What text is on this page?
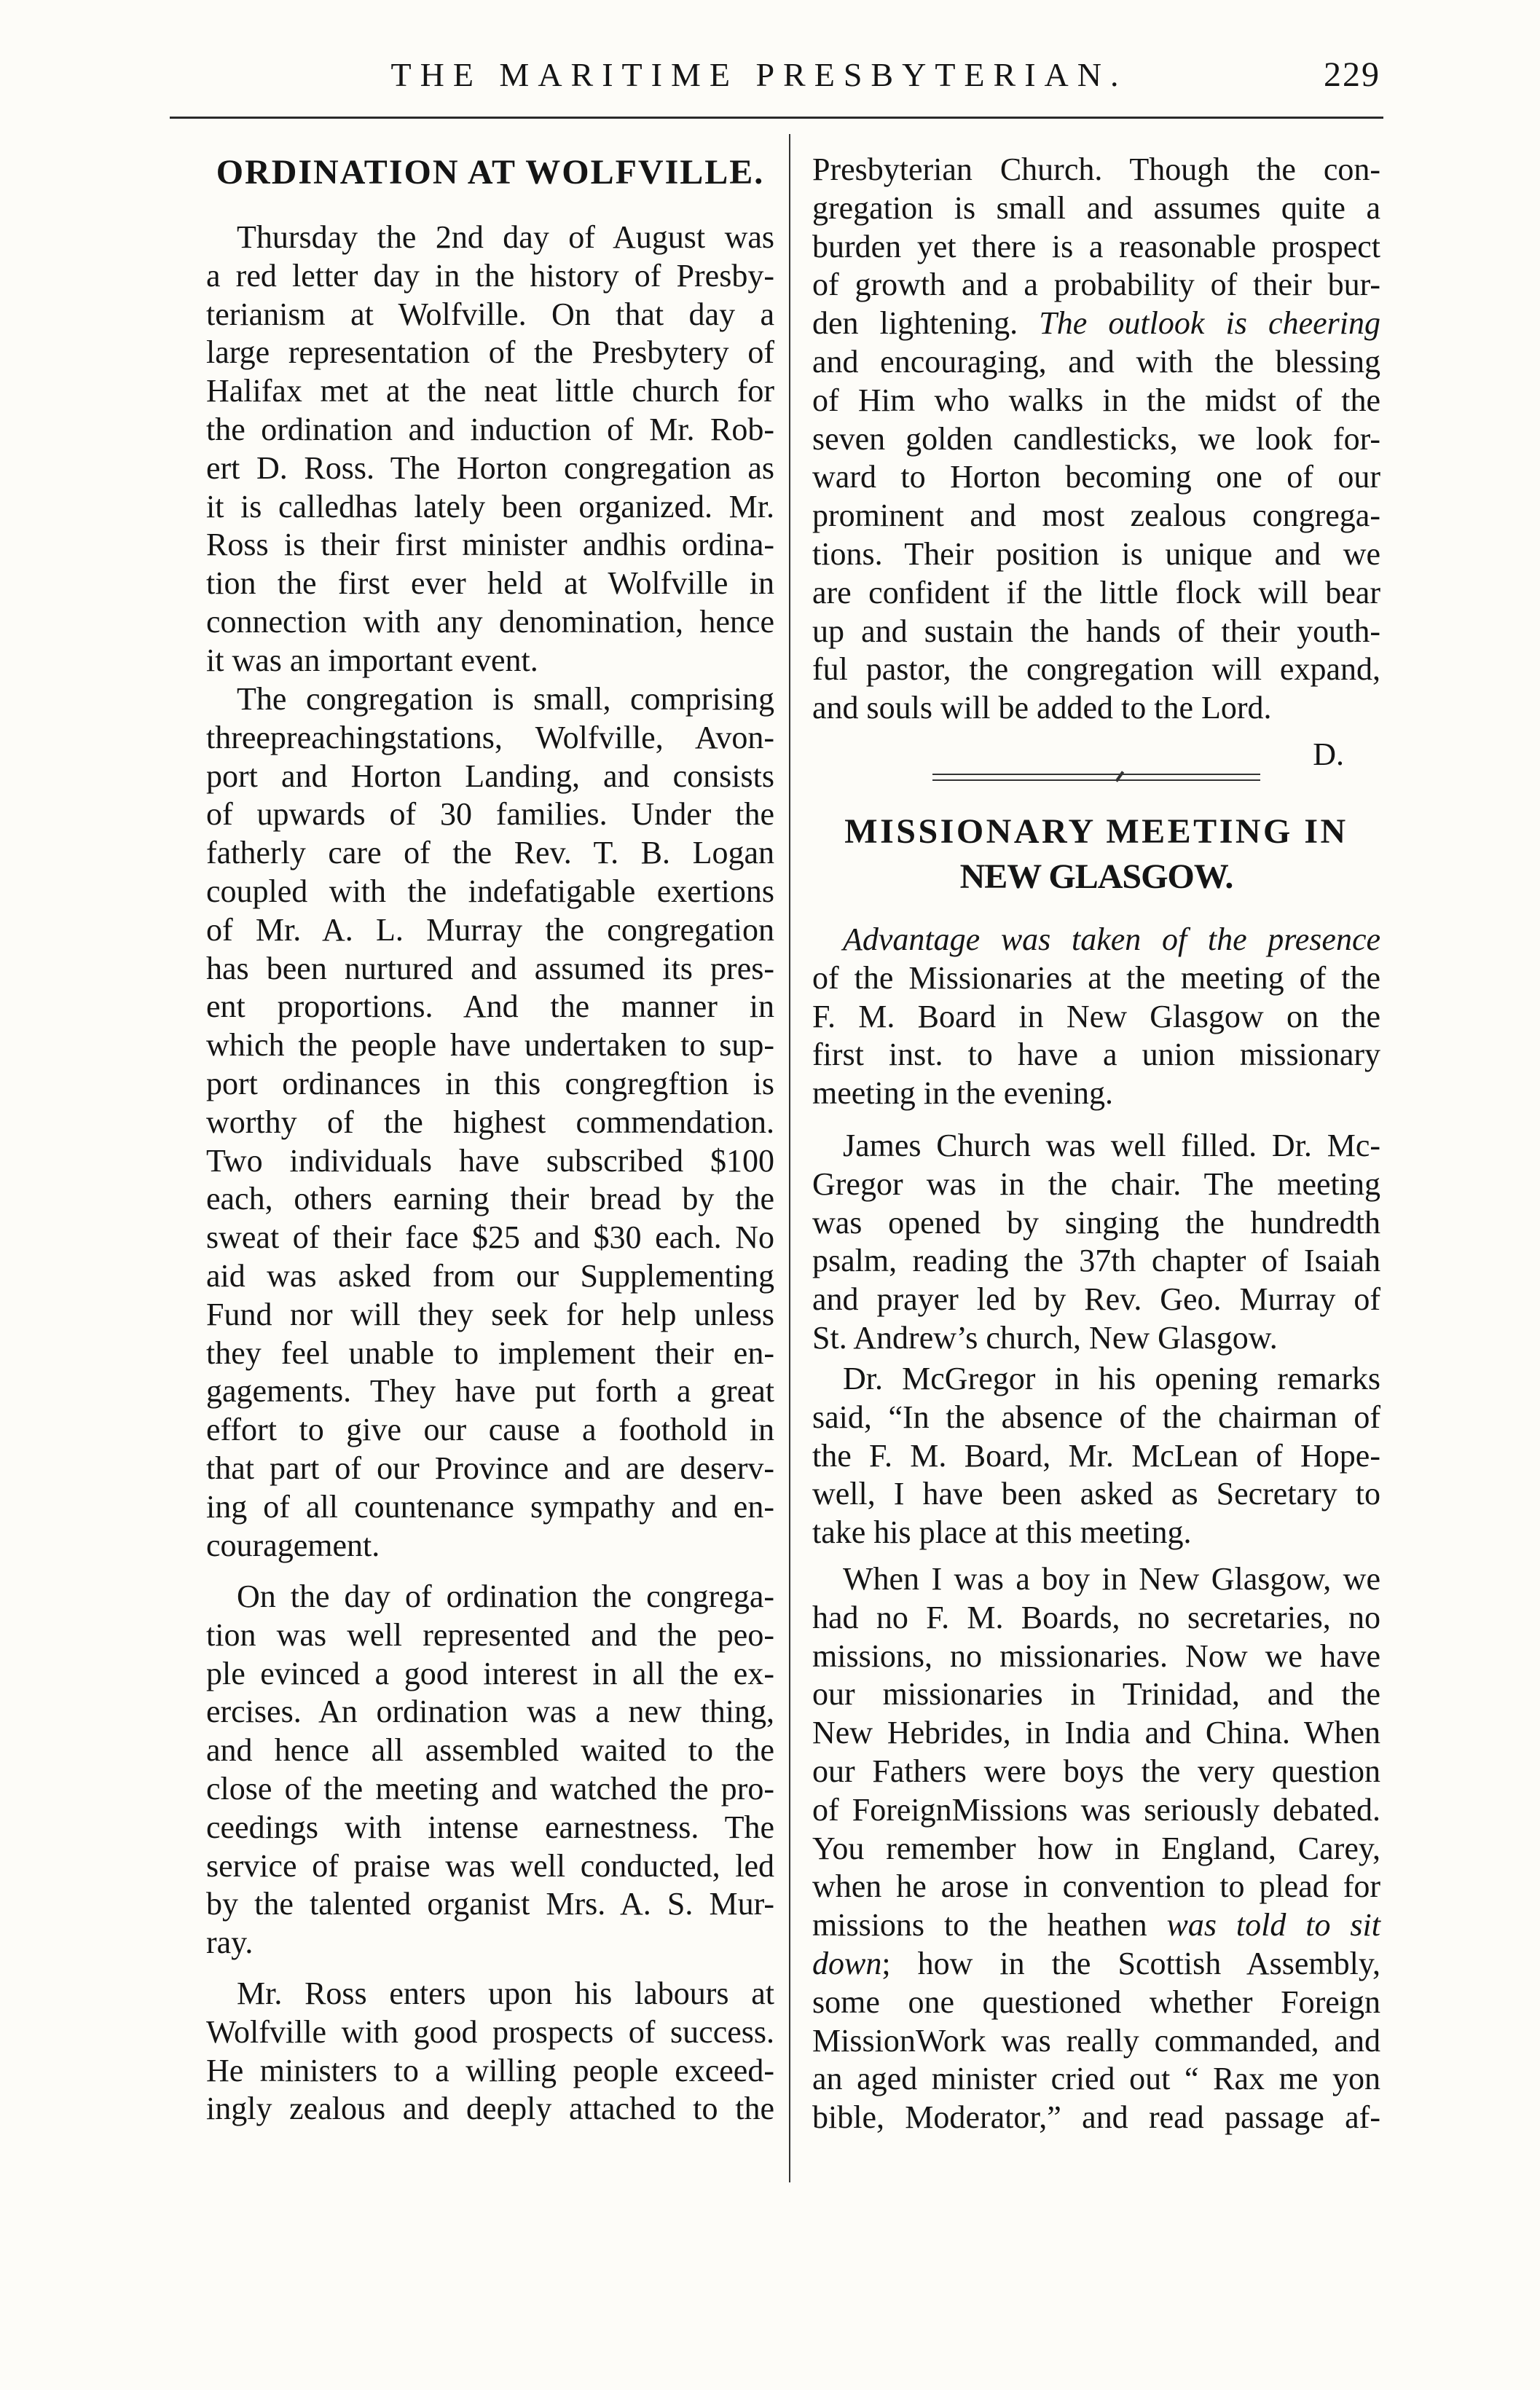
THE MARITIME PRESBYTERIAN.	229
ORDINATION AT WOLFVILLE.
Thursday the 2nd day of August was
a red letter day in the history of Presby-
terianism at Wolfville. On that day a
large representation of the Presbytery of
Halifax met at the neat little church for
the ordination and induction of Mr. Rob-
ert D. Ross. The Horton congregation as
it is calledhas lately been organized. Mr.
Ross is their first minister andhis ordina-
tion the first ever held at Wolfville in
connection with any denomination, hence
it was an important event.
The congregation is small, comprising
threepreachingstations, Wolfville, Avon-
port and Horton Landing, and consists
of upwards of 30 families. Under the
fatherly care of the Rev. T. B. Logan
coupled with the indefatigable exertions
of Mr. A. L. Murray the congregation
has been nurtured and assumed its pres-
ent proportions. And the manner in
which the people have undertaken to sup-
port ordinances in this congregftion is
worthy of the highest commendation.
Two individuals have subscribed $100
each, others earning their bread by the
sweat of their face $25 and $30 each. No
aid was asked from our Supplementing
Fund nor will they seek for help unless
they feel unable to implement their en-
gagements. They have put forth a great
effort to give our cause a foothold in
that part of our Province and are deserv-
ing of all countenance sympathy and en-
couragement.
On the day of ordination the congrega-
tion was well represented and the peo-
ple evinced a good interest in all the ex-
ercises. An ordination was a new thing,
and hence all assembled waited to the
close of the meeting and watched the pro-
ceedings with intense earnestness. The
service of praise was well conducted, led
by the talented organist Mrs. A. S. Mur-
ray.
Mr. Ross enters upon his labours at
Wolfville with good prospects of success.
He ministers to a willing people exceed-
ingly zealous and deeply attached to the
Presbyterian Church. Though the con-
gregation is small and assumes quite a
burden yet there is a reasonable prospect
of growth and a probability of their bur-
den lightening. The outlook is cheering
and encouraging, and with the blessing
of Him who walks in the midst of the
seven golden candlesticks, we look for-
ward to Horton becoming one of our
prominent and most zealous congrega-
tions. Their position is unique and we
are confident if the little flock will bear
up and sustain the hands of their youth-
ful pastor, the congregation will expand,
and souls will be added to the Lord.
D.
MISSIONARY MEETING IN
NEW GLASGOW.
Advantage was taken of the presence
of the Missionaries at the meeting of the
F. M. Board in New Glasgow on the
first inst. to have a union missionary
meeting in the evening.
James Church was well filled. Dr. Mc-
Gregor was in the chair. The meeting
was opened by singing the hundredth
psalm, reading the 37th chapter of Isaiah
and prayer led by Rev. Geo. Murray of
St. Andrew’s church, New Glasgow.
Dr. McGregor in his opening remarks
said, “In the absence of the chairman of
the F. M. Board, Mr. McLean of Hope-
well, I have been asked as Secretary to
take his place at this meeting.
When I was a boy in New Glasgow, we
had no F. M. Boards, no secretaries, no
missions, no missionaries. Now we have
our missionaries in Trinidad, and the
New Hebrides, in India and China. When
our Fathers were boys the very question
of ForeignMissions was seriously debated.
You remember how in England, Carey,
when he arose in convention to plead for
missions to the heathen was told to sit
down; how in the Scottish Assembly,
some one questioned whether Foreign
MissionWork was really commanded, and
an aged minister cried out “ Rax me yon
bible, Moderator,” and read passage af-
